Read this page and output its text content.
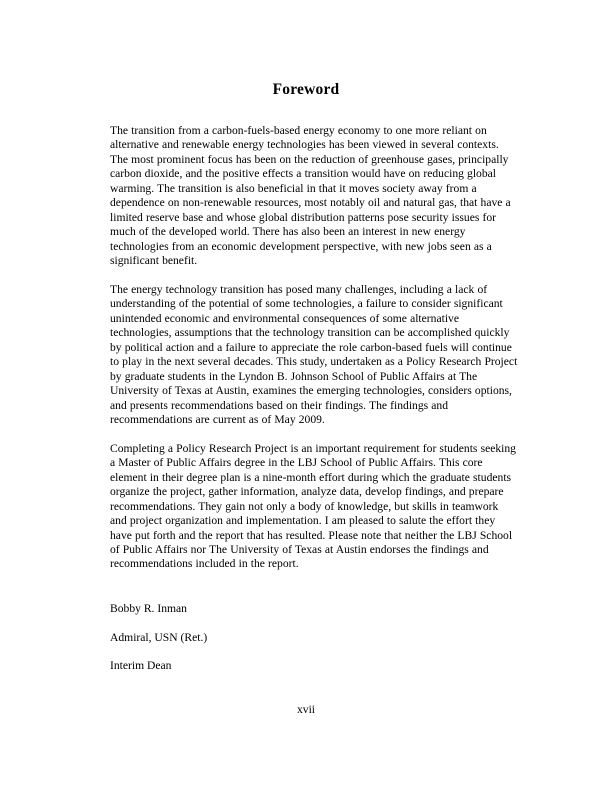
Foreword

The transition from a carbon-fuels-based energy economy to one more reliant on alternative and renewable energy technologies has been viewed in several contexts. The most prominent focus has been on the reduction of greenhouse gases, principally carbon dioxide, and the positive effects a transition would have on reducing global warming. The transition is also beneficial in that it moves society away from a dependence on non-renewable resources, most notably oil and natural gas, that have a limited reserve base and whose global distribution patterns pose security issues for much of the developed world. There has also been an interest in new energy technologies from an economic development perspective, with new jobs seen as a significant benefit.

The energy technology transition has posed many challenges, including a lack of understanding of the potential of some technologies, a failure to consider significant unintended economic and environmental consequences of some alternative technologies, assumptions that the technology transition can be accomplished quickly by political action and a failure to appreciate the role carbon-based fuels will continue to play in the next several decades. This study, undertaken as a Policy Research Project by graduate students in the Lyndon B. Johnson School of Public Affairs at The University of Texas at Austin, examines the emerging technologies, considers options, and presents recommendations based on their findings. The findings and recommendations are current as of May 2009.

Completing a Policy Research Project is an important requirement for students seeking a Master of Public Affairs degree in the LBJ School of Public Affairs. This core element in their degree plan is a nine-month effort during which the graduate students organize the project, gather information, analyze data, develop findings, and prepare recommendations. They gain not only a body of knowledge, but skills in teamwork and project organization and implementation. I am pleased to salute the effort they have put forth and the report that has resulted. Please note that neither the LBJ School of Public Affairs nor The University of Texas at Austin endorses the findings and recommendations included in the report.

Bobby R. Inman

Admiral, USN (Ret.)

Interim Dean

xvii
